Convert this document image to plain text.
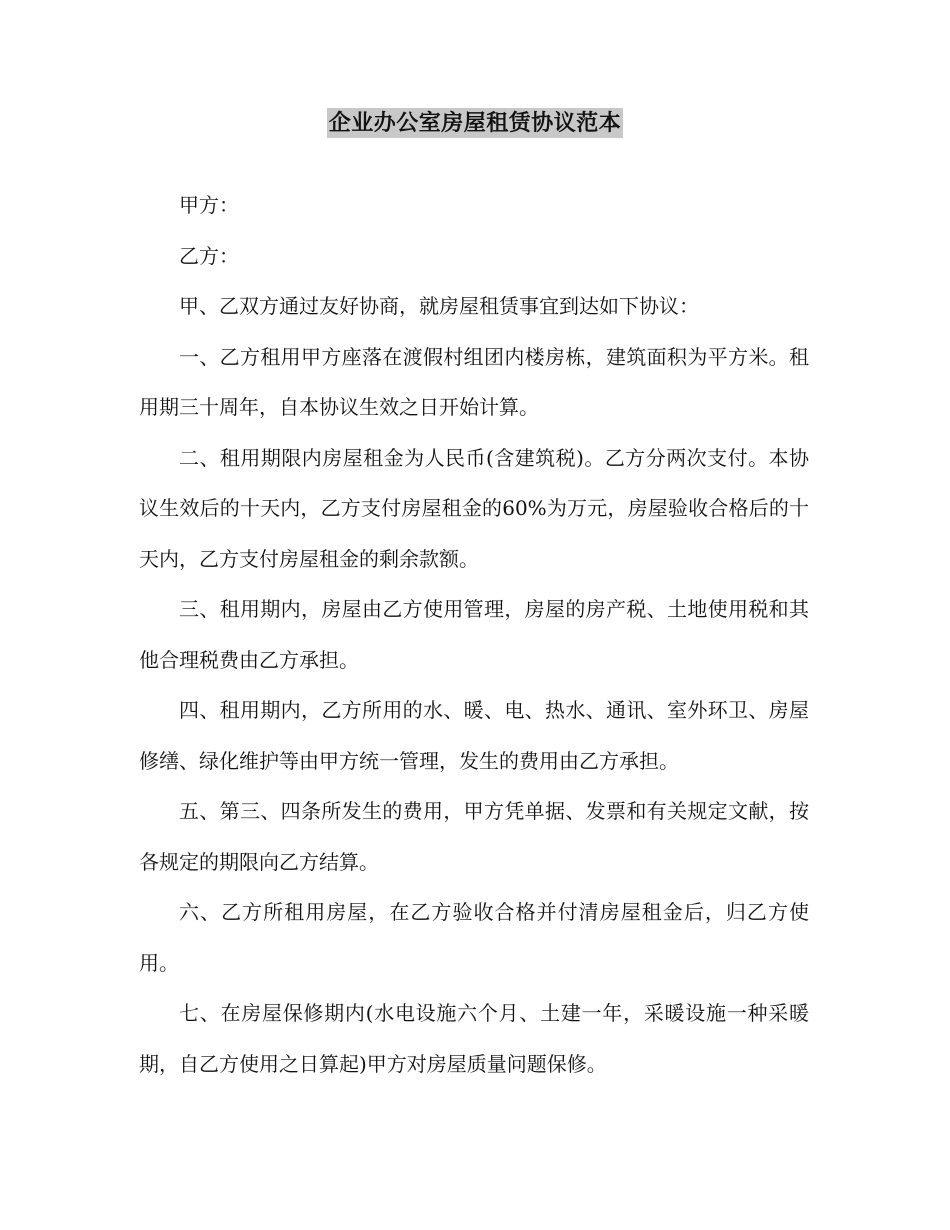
企业办公室房屋租赁协议范本

甲方：

乙方：

甲、乙双方通过友好协商，就房屋租赁事宜到达如下协议：

一、乙方租用甲方座落在渡假村组团内楼房栋，建筑面积为平方米。租用期三十周年，自本协议生效之日开始计算。

二、租用期限内房屋租金为人民币(含建筑税)。乙方分两次支付。本协议生效后的十天内，乙方支付房屋租金的60%为万元，房屋验收合格后的十天内，乙方支付房屋租金的剩余款额。

三、租用期内，房屋由乙方使用管理，房屋的房产税、土地使用税和其他合理税费由乙方承担。

四、租用期内，乙方所用的水、暖、电、热水、通讯、室外环卫、房屋修缮、绿化维护等由甲方统一管理，发生的费用由乙方承担。

五、第三、四条所发生的费用，甲方凭单据、发票和有关规定文献，按各规定的期限向乙方结算。

六、乙方所租用房屋，在乙方验收合格并付清房屋租金后，归乙方使用。

七、在房屋保修期内(水电设施六个月、土建一年，采暖设施一种采暖期，自乙方使用之日算起)甲方对房屋质量问题保修。
